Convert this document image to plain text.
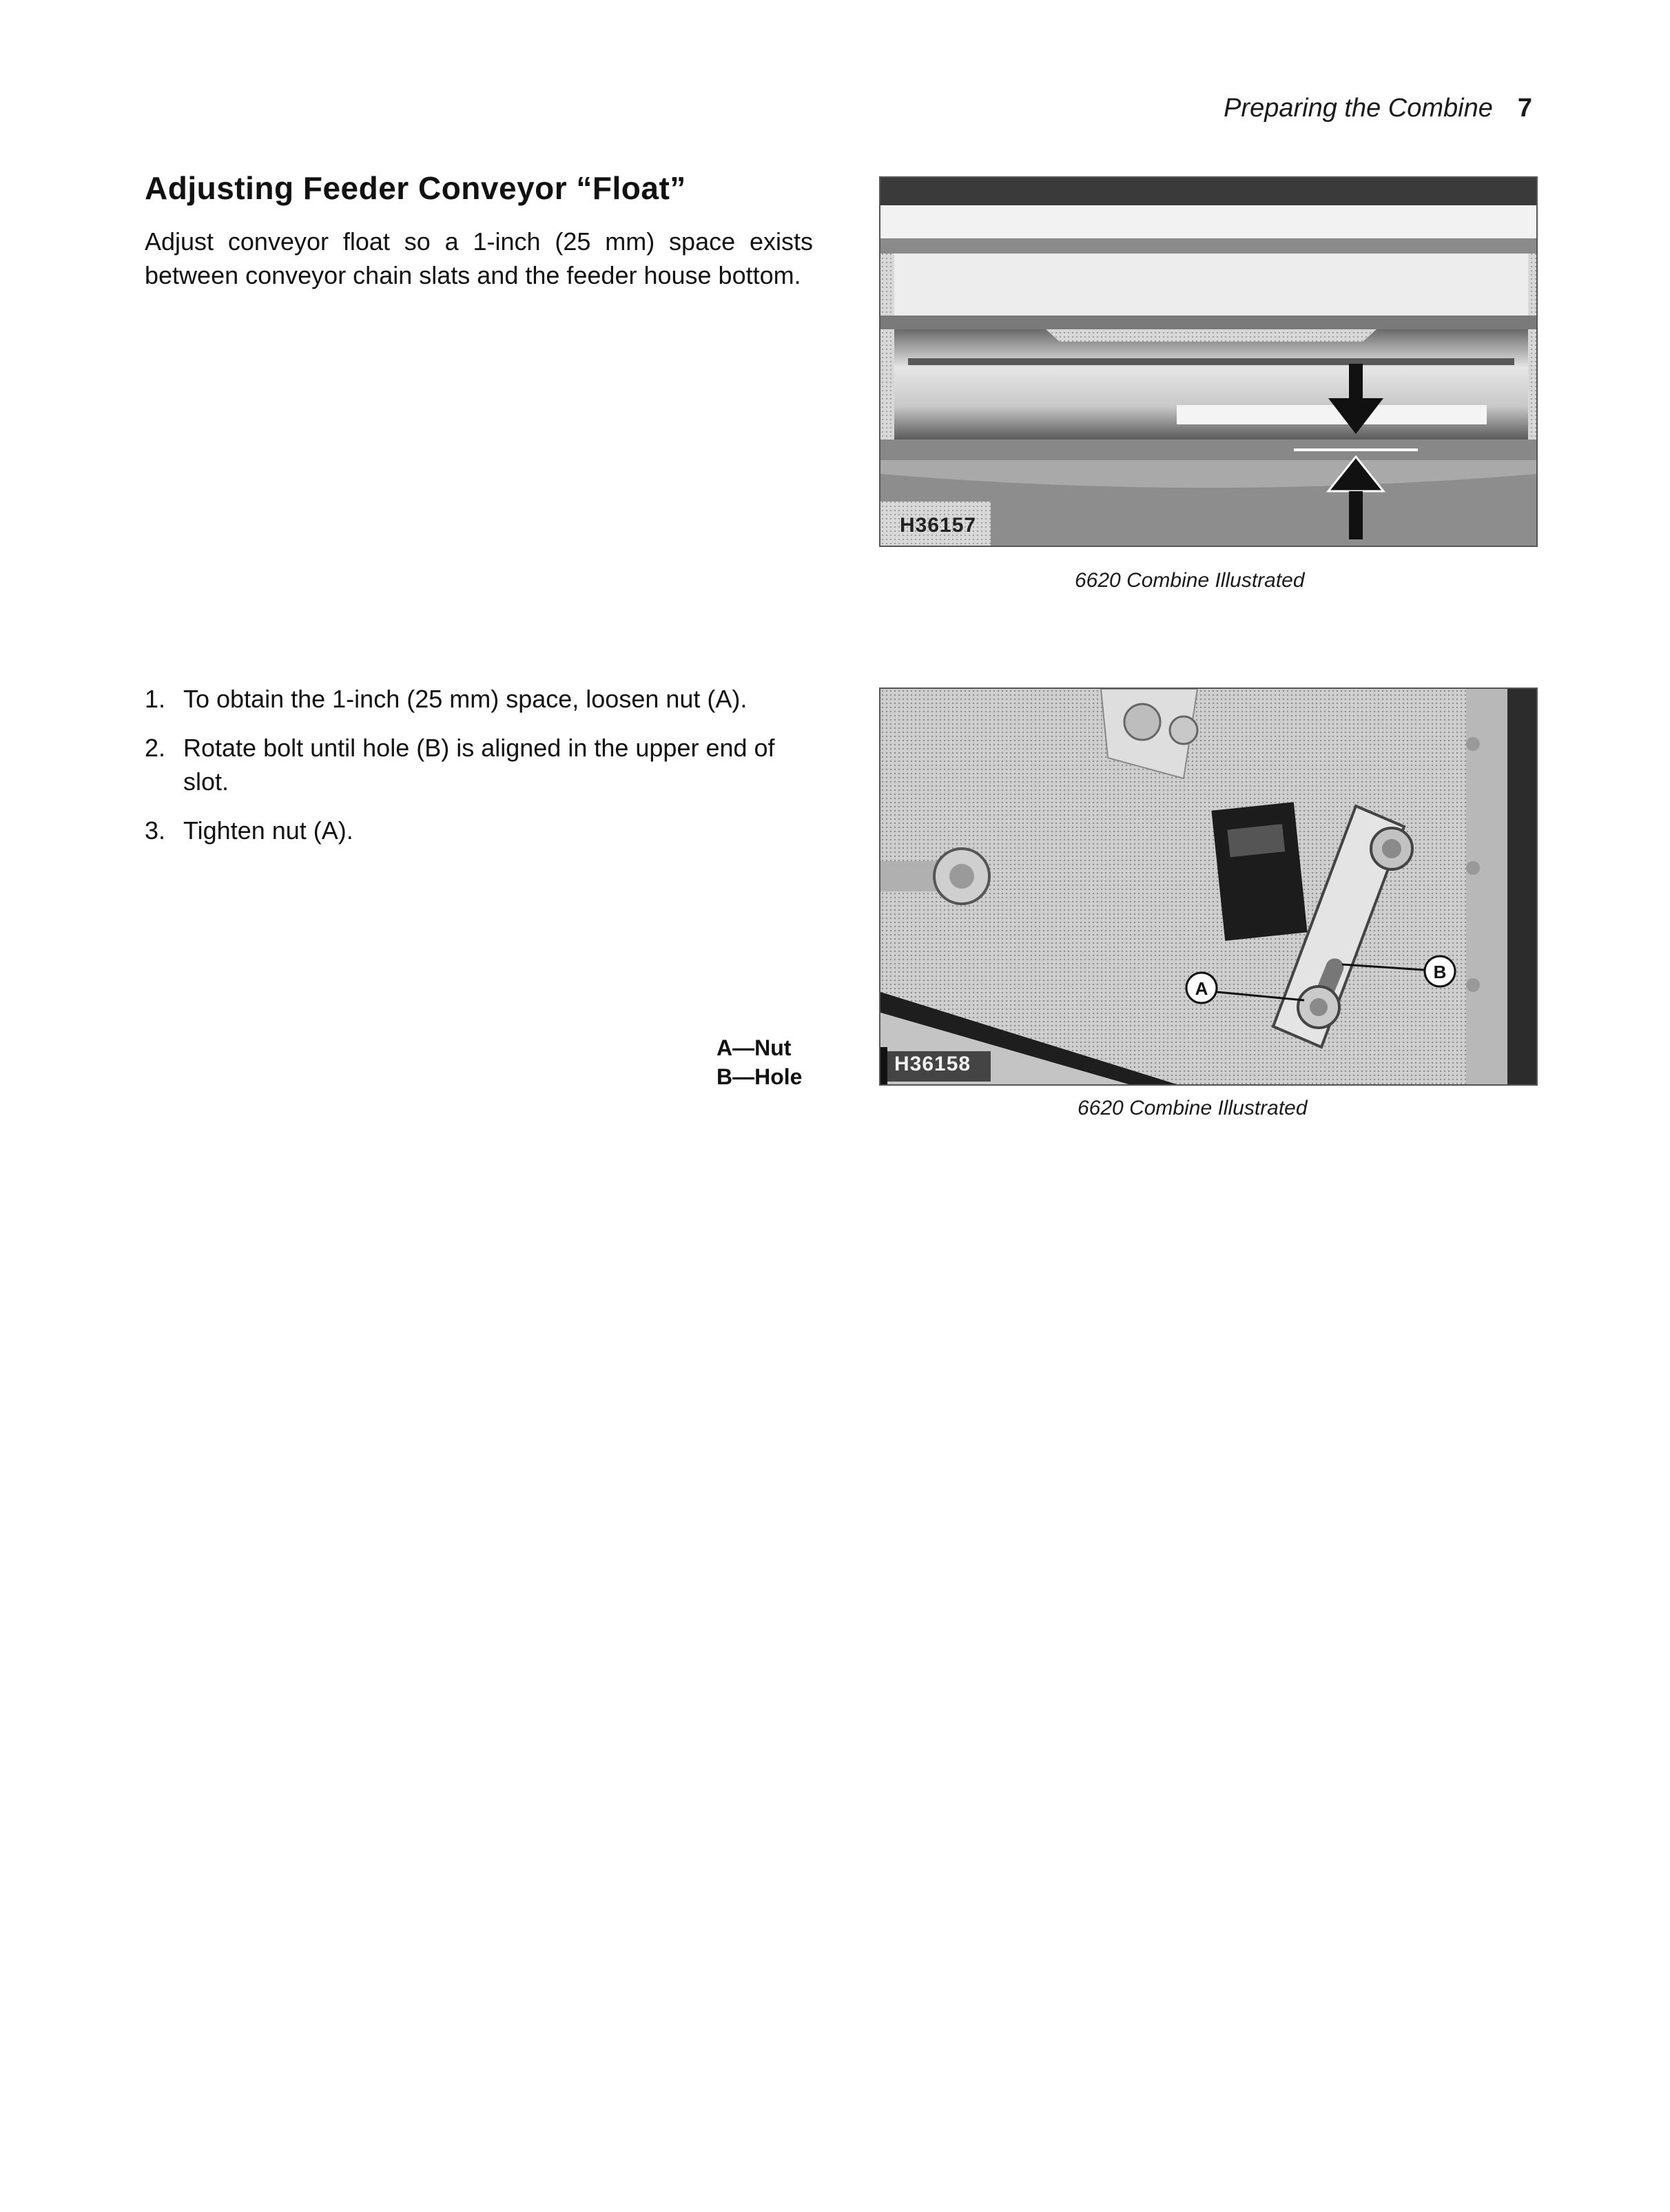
Preparing the Combine 7
Adjusting Feeder Conveyor “Float”

Adjust conveyor float so a 1-inch (25 mm) space exists between conveyor chain slats and the feeder house bottom.

H36157
6620 Combine Illustrated
1. To obtain the 1-inch (25 mm) space, loosen nut (A).
2. Rotate bolt until hole (B) is aligned in the upper end of slot.
3. Tighten nut (A).
A—Nut
B—Hole
A
B
H36158
6620 Combine Illustrated
